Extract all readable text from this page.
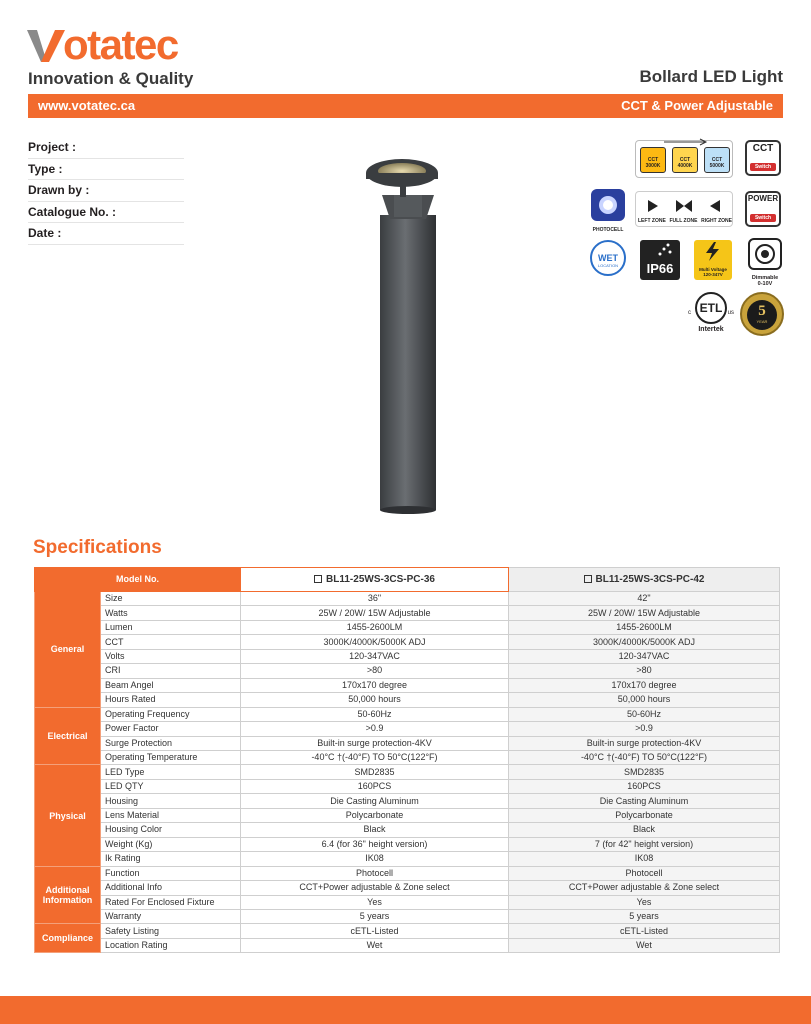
otatec
Innovation & Quality	Bollard LED Light
www.votatec.ca	CCT & Power Adjustable
Project :
Type :
Drawn by :
Catalogue No. :
Date :
CCT
3000K
CCT
4000K
CCT
5000K
CCT
Switch
PHOTOCELL
LEFT ZONE FULL ZONE RIGHT ZONE
POWER
Switch
WET
LOCATION	IP66	Multi Voltage
120-347V
Dimmable
0-10V
ETL
c	us
Intertek
5
YEAR
Specifications
Model No.		BL11-25WS-3CS-PC-36	BL11-25WS-3CS-PC-42
General	Size	36"	42"
	Watts	25W / 20W/ 15W Adjustable	25W / 20W/ 15W Adjustable
	Lumen	1455-2600LM	1455-2600LM
	CCT	3000K/4000K/5000K ADJ	3000K/4000K/5000K ADJ
	Volts	120-347VAC	120-347VAC
	CRI	>80	>80
	Beam Angel	170x170 degree	170x170 degree
	Hours Rated	50,000 hours	50,000 hours
Electrical	Operating Frequency	50-60Hz	50-60Hz
	Power Factor	>0.9	>0.9
	Surge Protection	Built-in surge protection-4KV	Built-in surge protection-4KV
	Operating Temperature	-40°C †(-40°F) TO 50°C(122°F)	-40°C †(-40°F) TO 50°C(122°F)
Physical	LED Type	SMD2835	SMD2835
	LED QTY	160PCS	160PCS
	Housing	Die Casting Aluminum	Die Casting Aluminum
	Lens Material	Polycarbonate	Polycarbonate
	Housing Color	Black	Black
	Weight (Kg)	6.4 (for 36" height version)	7 (for 42" height version)
	Ik Rating	IK08	IK08
Additional Information	Function	Photocell	Photocell
	Additional Info	CCT+Power adjustable & Zone select	CCT+Power adjustable & Zone select
	Rated For Enclosed Fixture	Yes	Yes
	Warranty	5 years	5 years
Compliance	Safety Listing	cETL-Listed	cETL-Listed
	Location Rating	Wet	Wet
